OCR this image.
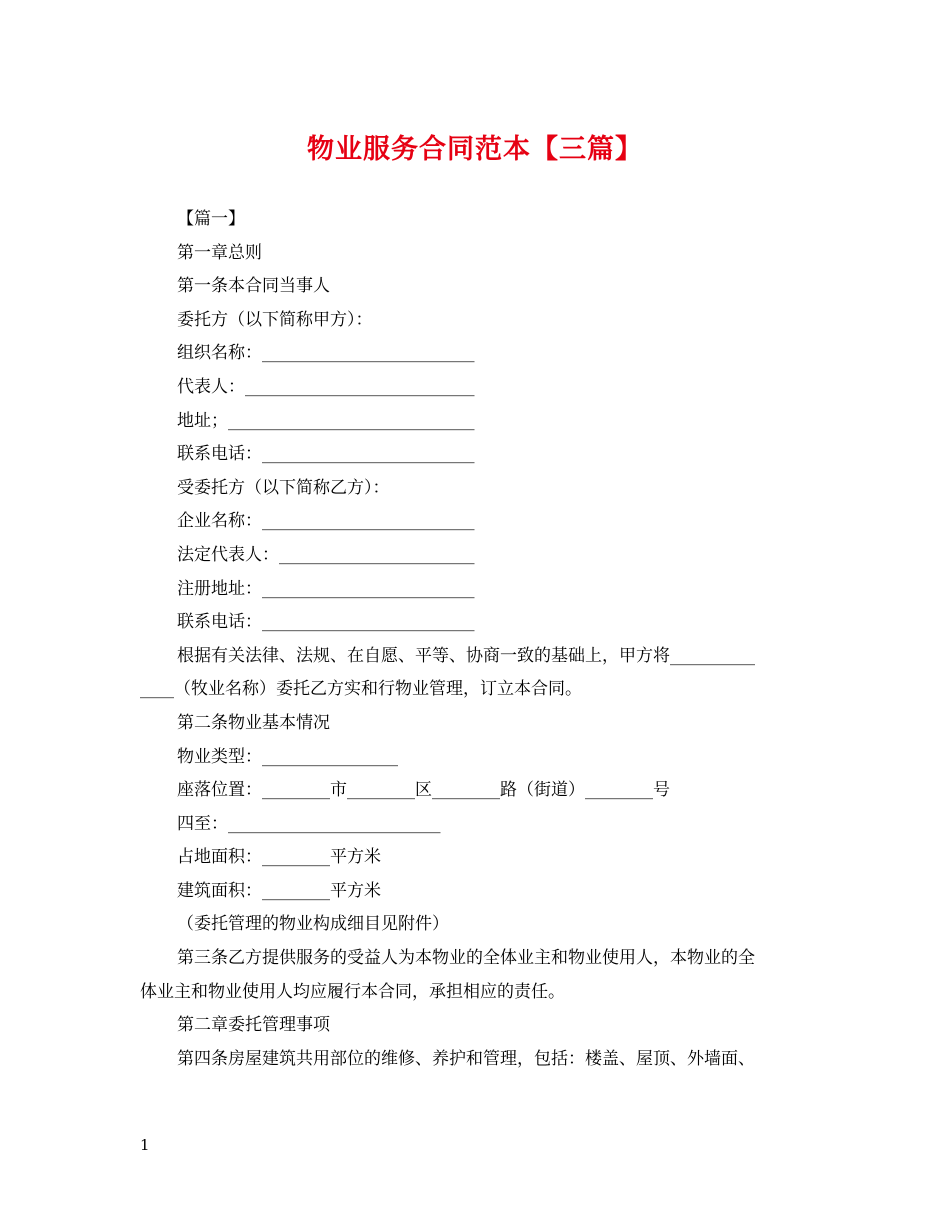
物业服务合同范本【三篇】
【篇一】
第一章总则
第一条本合同当事人
委托方（以下简称甲方）：
组织名称：_________________________
代表人：___________________________
地址；_____________________________
联系电话：_________________________
受委托方（以下简称乙方）：
企业名称：_________________________
法定代表人：_______________________
注册地址：_________________________
联系电话：_________________________
根据有关法律、法规、在自愿、平等、协商一致的基础上，甲方将__________
____（牧业名称）委托乙方实和行物业管理，订立本合同。
第二条物业基本情况
物业类型：________________
座落位置：________市________区________路（街道）________号
四至：_________________________
占地面积：________平方米
建筑面积：________平方米
（委托管理的物业构成细目见附件）
第三条乙方提供服务的受益人为本物业的全体业主和物业使用人，本物业的全
体业主和物业使用人均应履行本合同，承担相应的责任。
第二章委托管理事项
第四条房屋建筑共用部位的维修、养护和管理，包括：楼盖、屋顶、外墙面、
1
